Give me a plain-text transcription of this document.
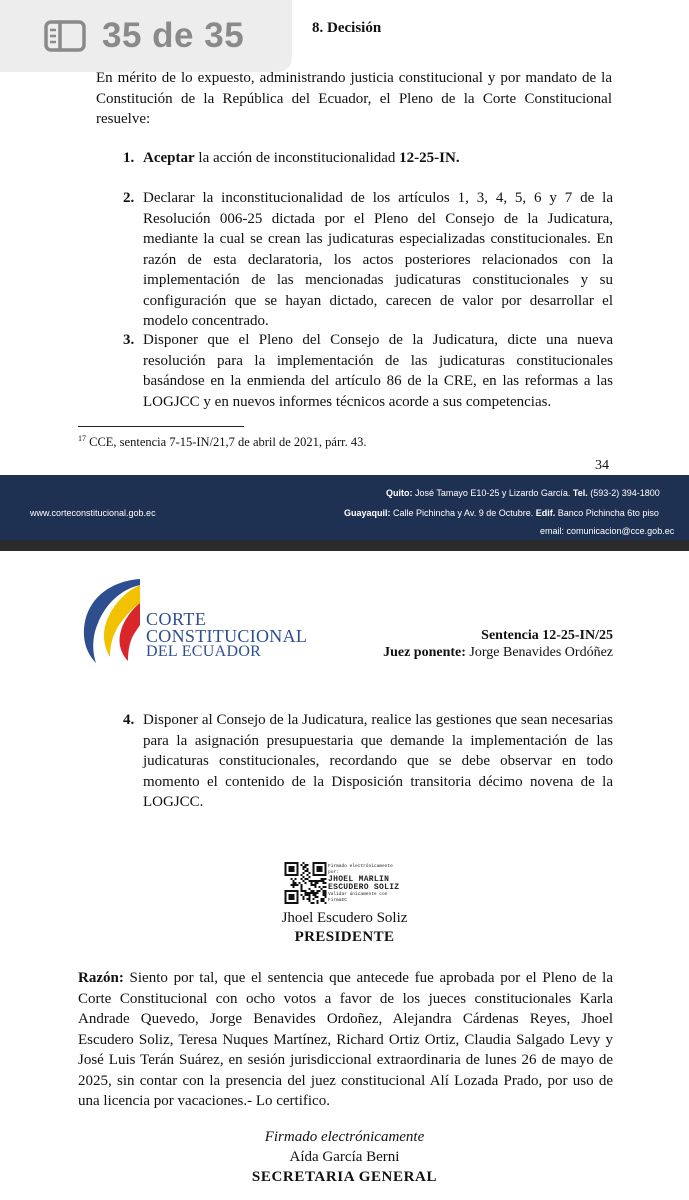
35 de 35	8. Decisión

En mérito de lo expuesto, administrando justicia constitucional y por mandato de la Constitución de la República del Ecuador, el Pleno de la Corte Constitucional resuelve:

1. Aceptar la acción de inconstitucionalidad 12-25-IN.
2. Declarar la inconstitucionalidad de los artículos 1, 3, 4, 5, 6 y 7 de la Resolución 006-25 dictada por el Pleno del Consejo de la Judicatura, mediante la cual se crean las judicaturas especializadas constitucionales. En razón de esta declaratoria, los actos posteriores relacionados con la implementación de las mencionadas judicaturas constitucionales y su configuración que se hayan dictado, carecen de valor por desarrollar el modelo concentrado.
3. Disponer que el Pleno del Consejo de la Judicatura, dicte una nueva resolución para la implementación de las judicaturas constitucionales basándose en la enmienda del artículo 86 de la CRE, en las reformas a las LOGJCC y en nuevos informes técnicos acorde a sus competencias.
$^{17}$ CCE, sentencia 7-15-IN/21,7 de abril de 2021, párr. 43.
34
www.corteconstitucional.gob.ec
Quito: José Tamayo E10-25 y Lizardo García. Tel. (593-2) 394-1800
Guayaquil: Calle Pichincha y Av. 9 de Octubre. Edif. Banco Pichincha 6to piso
email: comunicacion@cce.gob.ec
CORTE
CONSTITUCIONAL
DEL ECUADOR
Sentencia 12-25-IN/25
Juez ponente: Jorge Benavides Ordóñez
4. Disponer al Consejo de la Judicatura, realice las gestiones que sean necesarias para la asignación presupuestaria que demande la implementación de las judicaturas constitucionales, recordando que se debe observar en todo momento el contenido de la Disposición transitoria décimo novena de la LOGJCC.
Firmado electrónicamente por:
JHOEL MARLIN
ESCUDERO SOLIZ
Validar únicamente con FirmaEC
Jhoel Escudero Soliz
PRESIDENTE

Razón: Siento por tal, que el sentencia que antecede fue aprobada por el Pleno de la Corte Constitucional con ocho votos a favor de los jueces constitucionales Karla Andrade Quevedo, Jorge Benavides Ordoñez, Alejandra Cárdenas Reyes, Jhoel Escudero Soliz, Teresa Nuques Martínez, Richard Ortiz Ortiz, Claudia Salgado Levy y José Luis Terán Suárez, en sesión jurisdiccional extraordinaria de lunes 26 de mayo de 2025, sin contar con la presencia del juez constitucional Alí Lozada Prado, por uso de una licencia por vacaciones.- Lo certifico.

Firmado electrónicamente
Aída García Berni
SECRETARIA GENERAL
